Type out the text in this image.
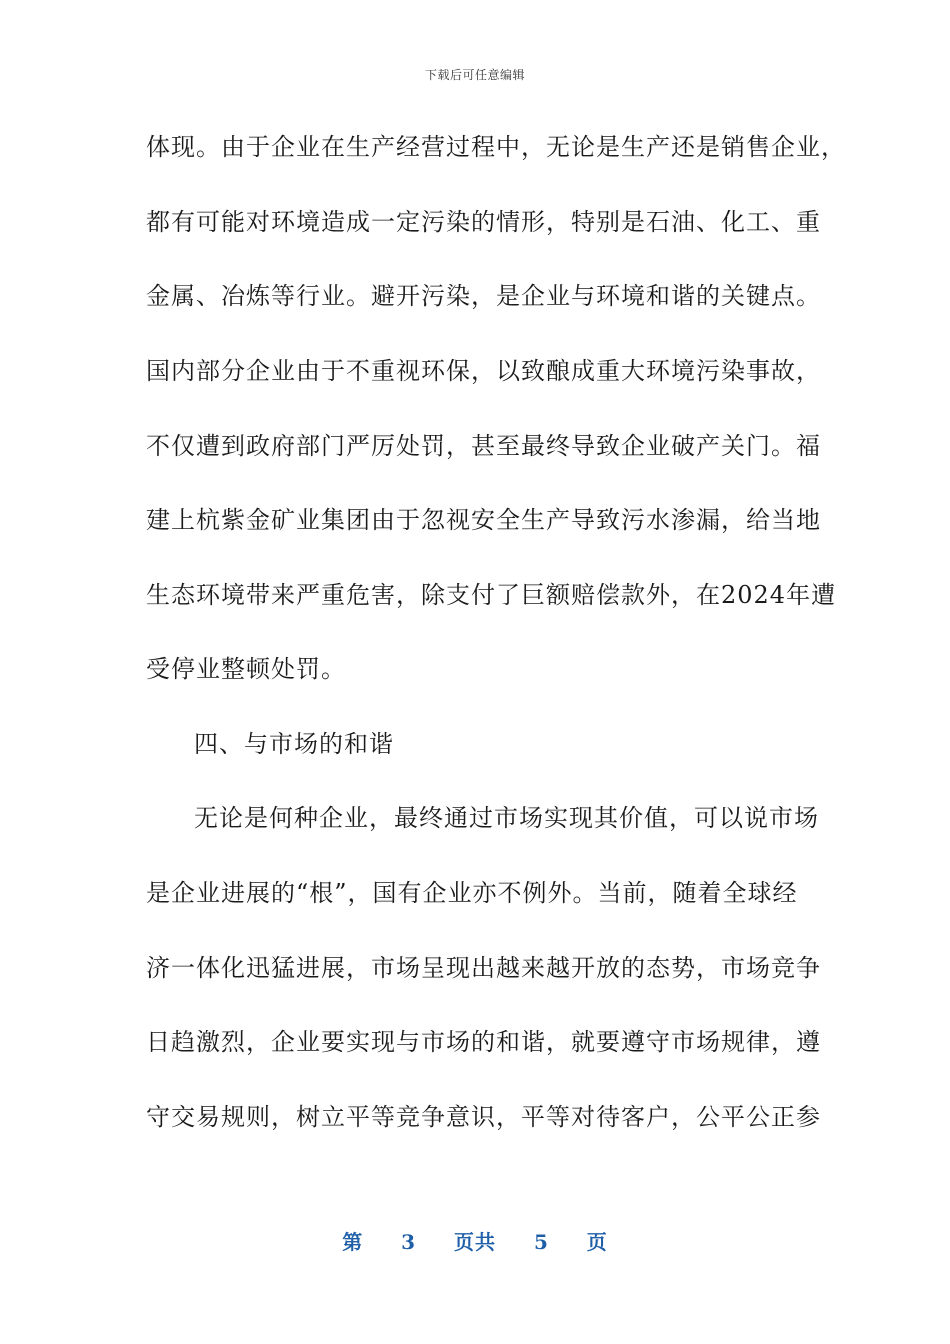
下载后可任意编辑
体现。由于企业在生产经营过程中，无论是生产还是销售企业，
都有可能对环境造成一定污染的情形，特别是石油、化工、重
金属、冶炼等行业。避开污染，是企业与环境和谐的关键点。
国内部分企业由于不重视环保，以致酿成重大环境污染事故，
不仅遭到政府部门严厉处罚，甚至最终导致企业破产关门。福
建上杭紫金矿业集团由于忽视安全生产导致污水渗漏，给当地
生态环境带来严重危害，除支付了巨额赔偿款外，在2024年遭
受停业整顿处罚。
四、与市场的和谐
无论是何种企业，最终通过市场实现其价值，可以说市场
是企业进展的“根”，国有企业亦不例外。当前，随着全球经
济一体化迅猛进展，市场呈现出越来越开放的态势，市场竞争
日趋激烈，企业要实现与市场的和谐，就要遵守市场规律，遵
守交易规则，树立平等竞争意识，平等对待客户，公平公正参
第 3 页共 5 页
